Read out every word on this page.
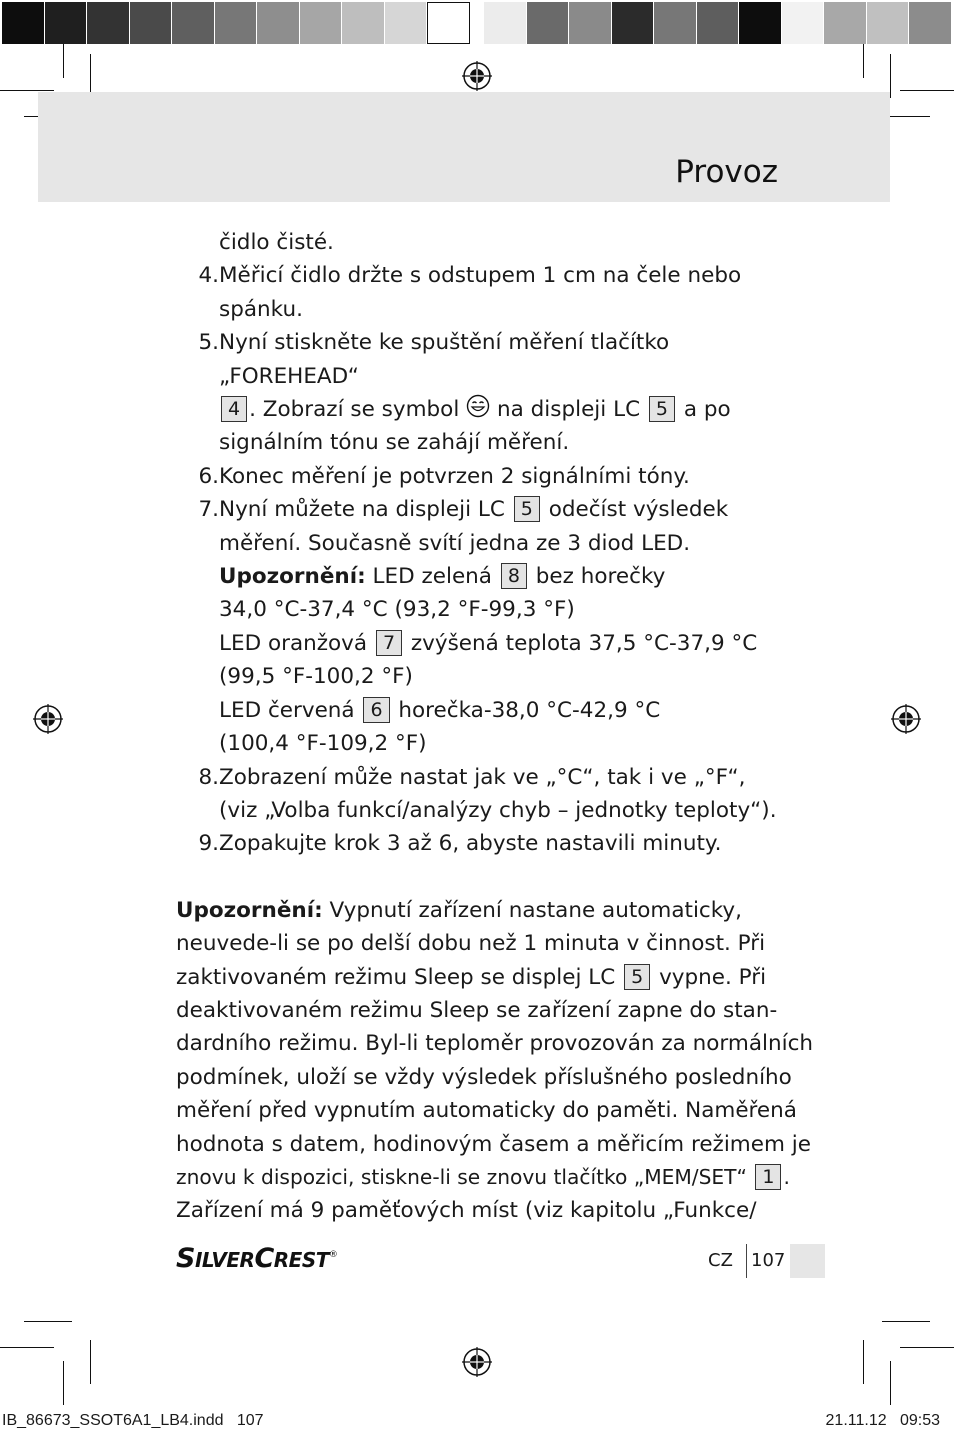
Provoz
čidlo čisté.
4. Měřicí čidlo držte s odstupem 1 cm na čele nebo
spánku.
5. Nyní stiskněte ke spuštění měření tlačítko „FOREHEAD“
4 . Zobrazí se symbol na displeji LC 5 a po
signálním tónu se zahájí měření.
6. Konec měření je potvrzen 2 signálními tóny.
7. Nyní můžete na displeji LC 5 odečíst výsledek
měření. Současně svítí jedna ze 3 diod LED.
Upozornění: LED zelená 8 bez horečky
34,0 °C-37,4 °C (93,2 °F-99,3 °F)
LED oranžová 7 zvýšená teplota 37,5 °C-37,9 °C
(99,5 °F-100,2 °F)
LED červená 6 horečka-38,0 °C-42,9 °C
(100,4 °F-109,2 °F)
8. Zobrazení může nastat jak ve „°C“, tak i ve „°F“,
(viz „Volba funkcí/analýzy chyb – jednotky teploty“).
9. Zopakujte krok 3 až 6, abyste nastavili minuty.
Upozornění: Vypnutí zařízení nastane automaticky,
neuvede-li se po delší dobu než 1 minuta v činnost. Při
zaktivovaném režimu Sleep se displej LC 5 vypne. Při
deaktivovaném režimu Sleep se zařízení zapne do stan-
dardního režimu. Byl-li teploměr provozován za normálních
podmínek, uloží se vždy výsledek příslušného posledního
měření před vypnutím automaticky do paměti. Naměřená
hodnota s datem, hodinovým časem a měřicím režimem je
znovu k dispozici, stiskne-li se znovu tlačítko „MEM/SET“ 1 .
Zařízení má 9 paměťových míst (viz kapitolu „Funkce/
SILVERCREST®	CZ 107
IB_86673_SSOT6A1_LB4.indd   107	21.11.12   09:53
